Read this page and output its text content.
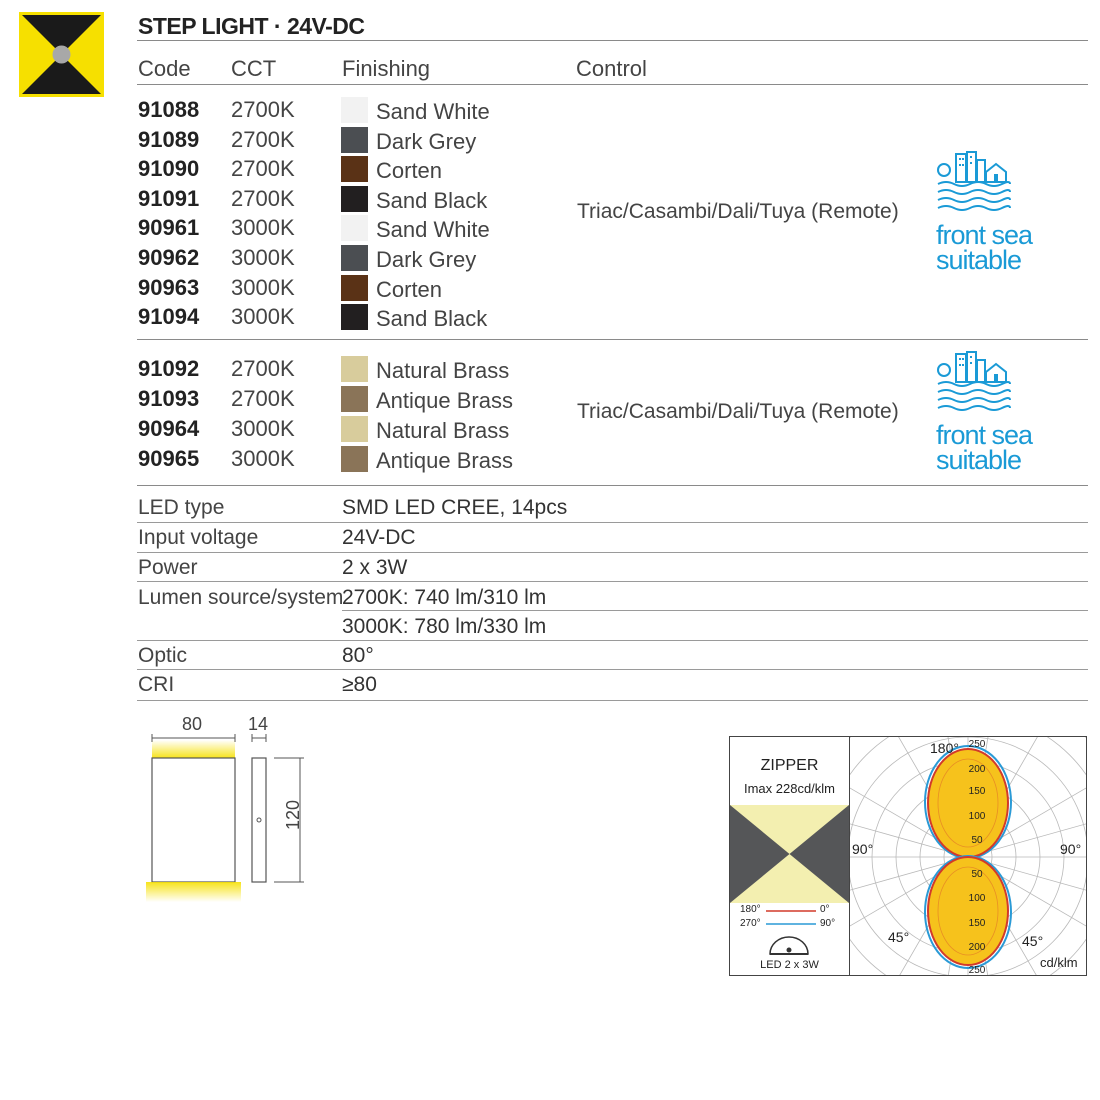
STEP LIGHT · 24V-DC
Code CCT	Finishing	Control
91088 2700K	Sand White
91089 2700K	Dark Grey
91090 2700K	Corten
91091 2700K	Sand Black
90961 3000K	Sand White
90962 3000K	Dark Grey
90963 3000K	Corten
91094 3000K	Sand Black
Triac/Casambi/Dali/Tuya (Remote)
front sea
suitable
91092 2700K	Natural Brass
91093 2700K	Antique Brass
90964 3000K	Natural Brass
90965 3000K	Antique Brass
Triac/Casambi/Dali/Tuya (Remote)
front sea
suitable
LED type	SMD LED CREE, 14pcs
Input voltage	24V-DC
Power	2 x 3W
Lumen source/system
2700K: 740 lm/310 lm
3000K: 780 lm/330 lm
Optic	80°
CRI	≥80
80	14
120
ZIPPER
Imax 228cd/klm
180°	0°
270°	90°
LED 2 x 3W
250
200
150
100
50
50
100
150
200
250
180°
90°	90°
45°	45°
cd/klm
